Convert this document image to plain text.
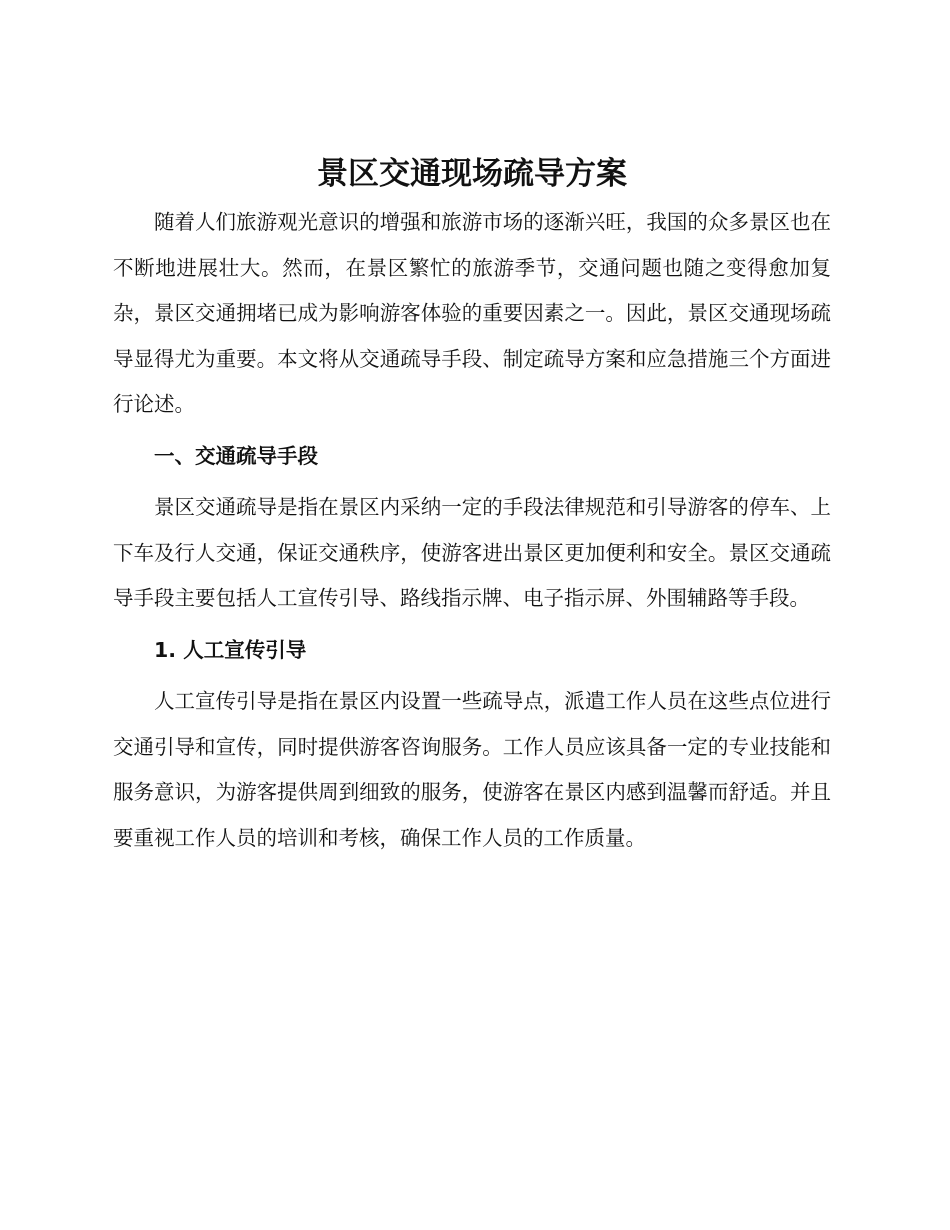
景区交通现场疏导方案

随着人们旅游观光意识的增强和旅游市场的逐渐兴旺，我国的众多景区也在不断地进展壮大。然而，在景区繁忙的旅游季节，交通问题也随之变得愈加复杂，景区交通拥堵已成为影响游客体验的重要因素之一。因此，景区交通现场疏导显得尤为重要。本文将从交通疏导手段、制定疏导方案和应急措施三个方面进行论述。

一、交通疏导手段

景区交通疏导是指在景区内采纳一定的手段法律规范和引导游客的停车、上下车及行人交通，保证交通秩序，使游客进出景区更加便利和安全。景区交通疏导手段主要包括人工宣传引导、路线指示牌、电子指示屏、外围辅路等手段。

1. 人工宣传引导

人工宣传引导是指在景区内设置一些疏导点，派遣工作人员在这些点位进行交通引导和宣传，同时提供游客咨询服务。工作人员应该具备一定的专业技能和服务意识，为游客提供周到细致的服务，使游客在景区内感到温馨而舒适。并且要重视工作人员的培训和考核，确保工作人员的工作质量。
